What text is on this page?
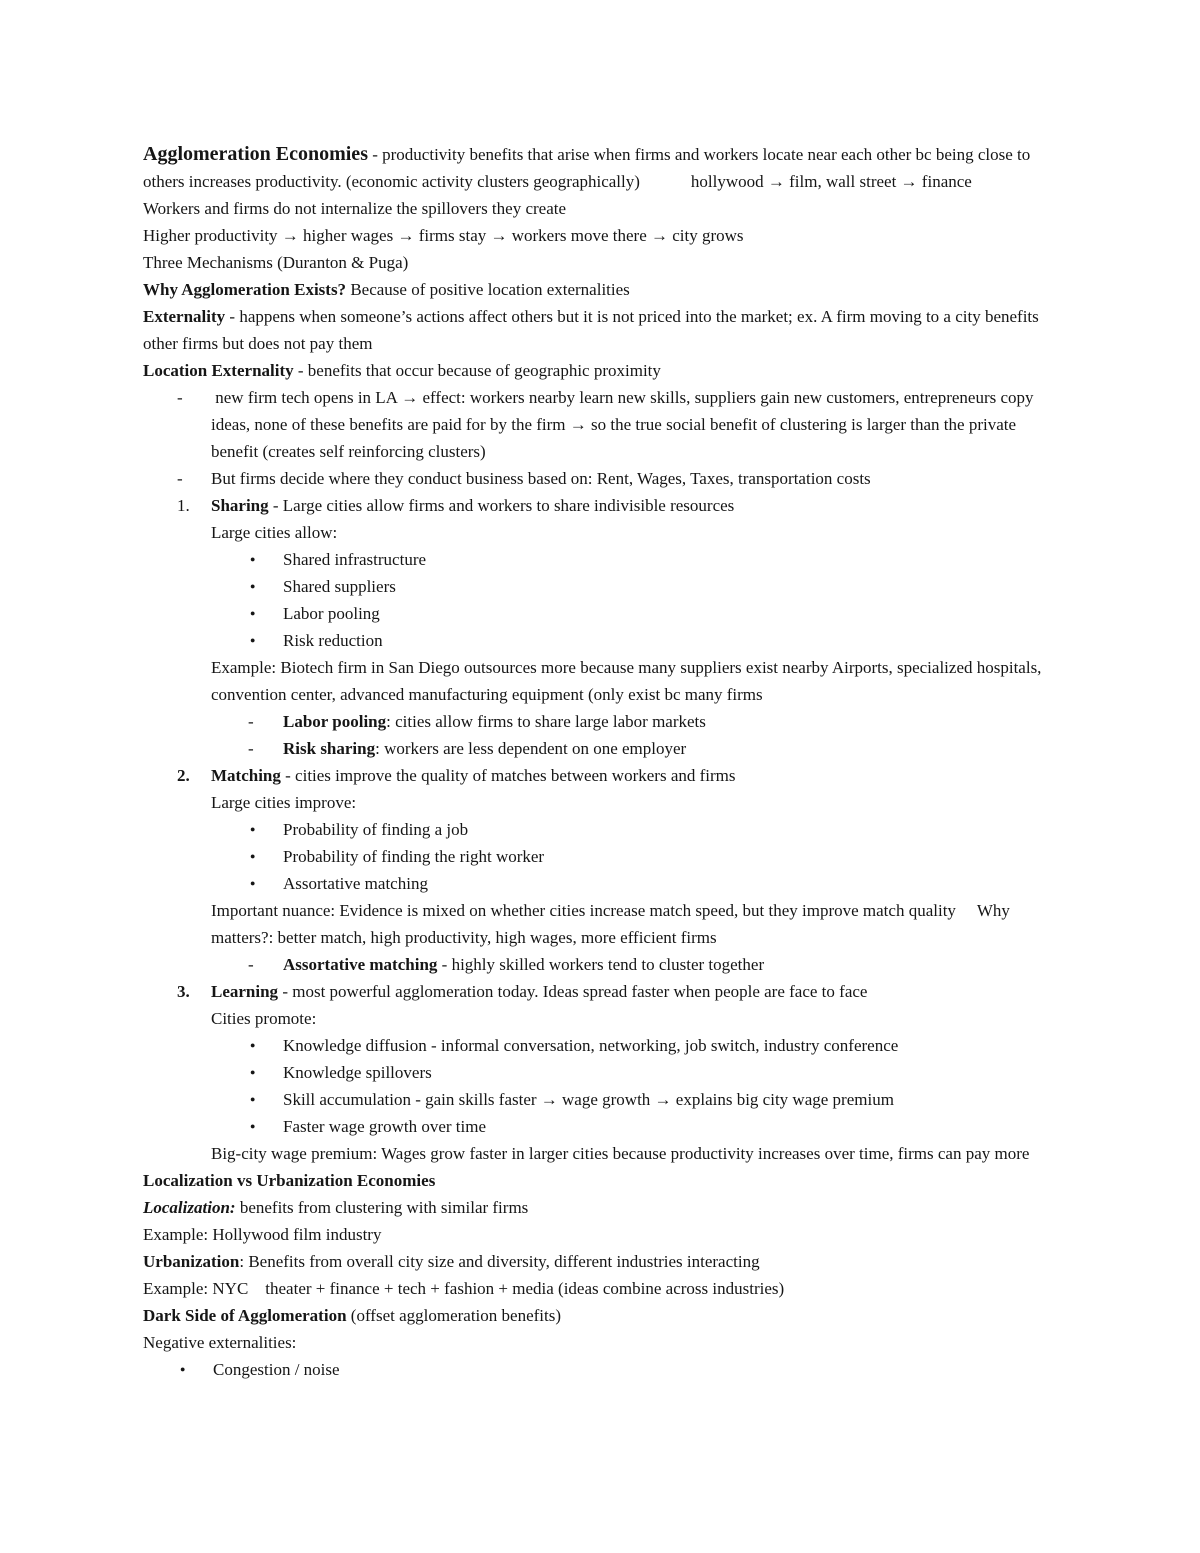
Agglomeration Economies - productivity benefits that arise when firms and workers locate near each other bc being close to others increases productivity. (economic activity clusters geographically)            hollywood → film, wall street → finance
Workers and firms do not internalize the spillovers they create
Higher productivity → higher wages → firms stay → workers move there → city grows
Three Mechanisms (Duranton & Puga)
Why Agglomeration Exists? Because of positive location externalities
Externality - happens when someone’s actions affect others but it is not priced into the market; ex. A firm moving to a city benefits other firms but does not pay them
Location Externality - benefits that occur because of geographic proximity
- new firm tech opens in LA → effect: workers nearby learn new skills, suppliers gain new customers, entrepreneurs copy ideas, none of these benefits are paid for by the firm → so the true social benefit of clustering is larger than the private benefit (creates self reinforcing clusters)
- But firms decide where they conduct business based on: Rent, Wages, Taxes, transportation costs
1. Sharing - Large cities allow firms and workers to share indivisible resources
Large cities allow:
● Shared infrastructure
● Shared suppliers
● Labor pooling
● Risk reduction
Example: Biotech firm in San Diego outsources more because many suppliers exist nearby Airports, specialized hospitals, convention center, advanced manufacturing equipment (only exist bc many firms
- Labor pooling: cities allow firms to share large labor markets
- Risk sharing: workers are less dependent on one employer
2. Matching - cities improve the quality of matches between workers and firms
Large cities improve:
● Probability of finding a job
● Probability of finding the right worker
● Assortative matching
Important nuance: Evidence is mixed on whether cities increase match speed, but they improve match quality     Why matters?: better match, high productivity, high wages, more efficient firms
- Assortative matching - highly skilled workers tend to cluster together
3. Learning - most powerful agglomeration today. Ideas spread faster when people are face to face
Cities promote:
● Knowledge diffusion - informal conversation, networking, job switch, industry conference
● Knowledge spillovers
● Skill accumulation - gain skills faster → wage growth → explains big city wage premium
● Faster wage growth over time
Big-city wage premium: Wages grow faster in larger cities because productivity increases over time, firms can pay more
Localization vs Urbanization Economies
Localization: benefits from clustering with similar firms
Example: Hollywood film industry
Urbanization: Benefits from overall city size and diversity, different industries interacting
Example: NYC    theater + finance + tech + fashion + media (ideas combine across industries)
Dark Side of Agglomeration (offset agglomeration benefits)
Negative externalities:
● Congestion / noise
